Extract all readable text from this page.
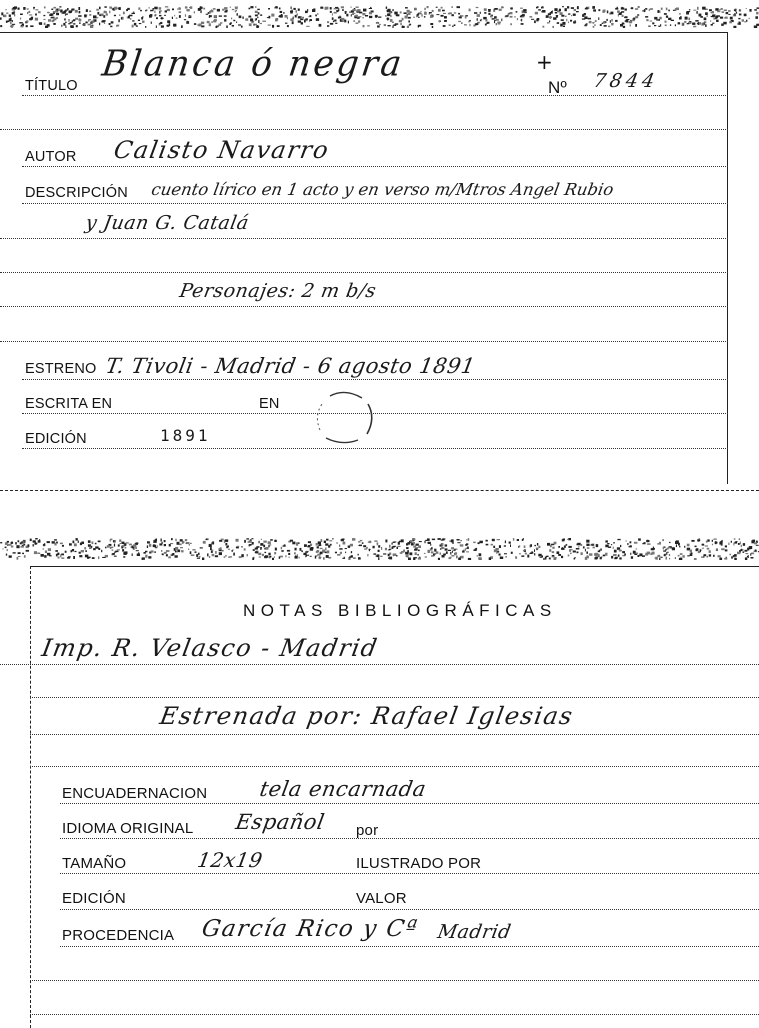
TÍTULO
Blanca ó negra	+
Nº 7844
AUTOR Calisto Navarro
DESCRIPCIÓN cuento lírico en 1 acto y en verso m/Mtros Angel Rubio
y Juan G. Catalá
Personajes: 2 m b/s
ESTRENO T. Tivoli - Madrid - 6 agosto 1891
ESCRITA EN	EN
EDICIÓN	1891
NOTAS BIBLIOGRÁFICAS
Imp. R. Velasco - Madrid
Estrenada por: Rafael Iglesias
ENCUADERNACION tela encarnada
IDIOMA ORIGINAL Español por
TAMAÑO	12x19	ILUSTRADO POR
EDICIÓN	VALOR
PROCEDENCIA García Rico y Cª Madrid
